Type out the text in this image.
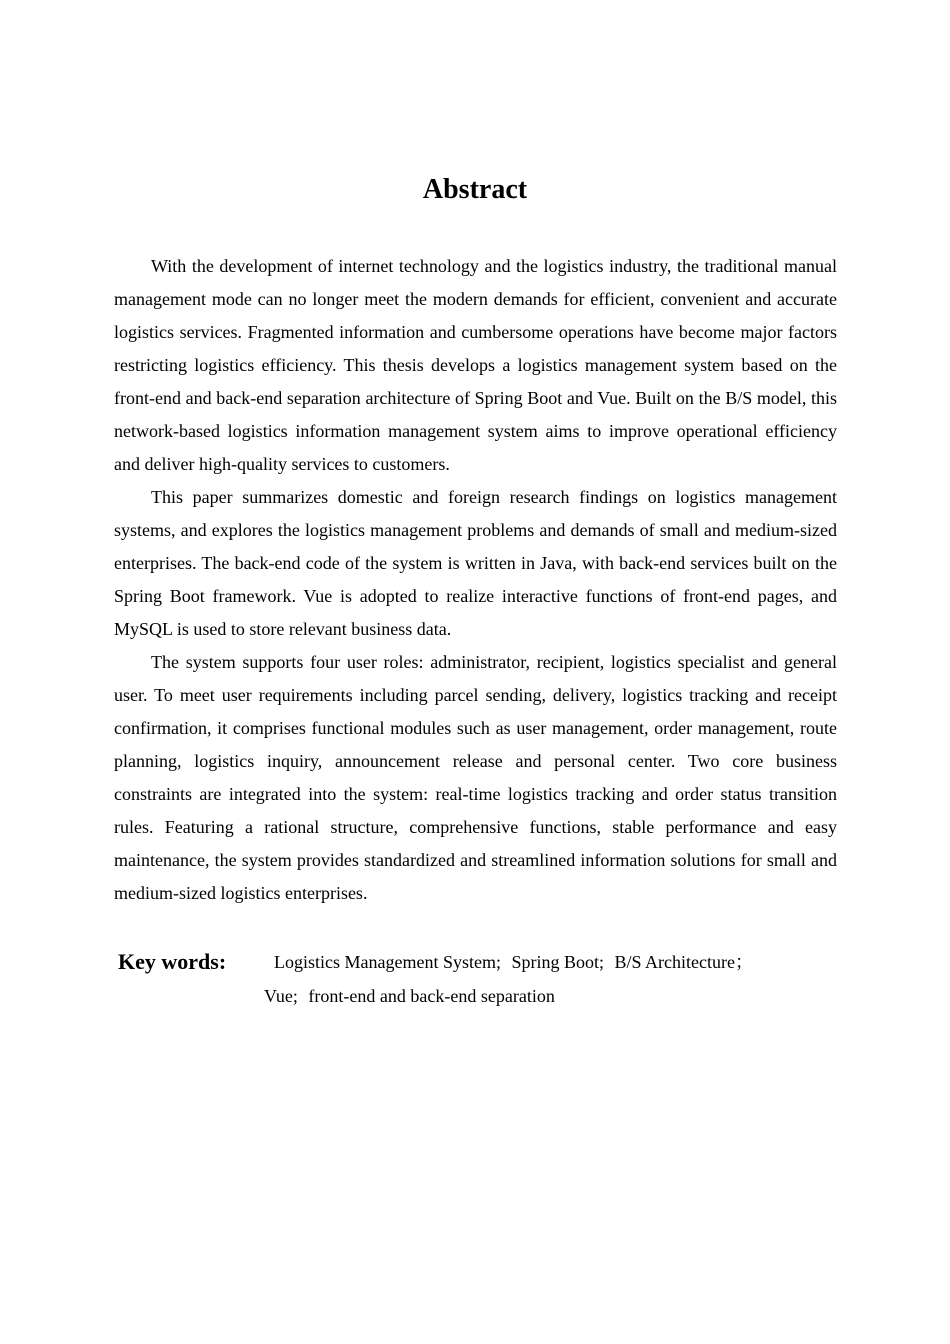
Abstract

With the development of internet technology and the logistics industry, the traditional manual management mode can no longer meet the modern demands for efficient, convenient and accurate logistics services. Fragmented information and cumbersome operations have become major factors restricting logistics efficiency. This thesis develops a logistics management system based on the front-end and back-end separation architecture of Spring Boot and Vue. Built on the B/S model, this network-based logistics information management system aims to improve operational efficiency and deliver high-quality services to customers.

This paper summarizes domestic and foreign research findings on logistics management systems, and explores the logistics management problems and demands of small and medium-sized enterprises. The back-end code of the system is written in Java, with back-end services built on the Spring Boot framework. Vue is adopted to realize interactive functions of front-end pages, and MySQL is used to store relevant business data.

The system supports four user roles: administrator, recipient, logistics specialist and general user. To meet user requirements including parcel sending, delivery, logistics tracking and receipt confirmation, it comprises functional modules such as user management, order management, route planning, logistics inquiry, announcement release and personal center. Two core business constraints are integrated into the system: real-time logistics tracking and order status transition rules. Featuring a rational structure, comprehensive functions, stable performance and easy maintenance, the system provides standardized and streamlined information solutions for small and medium-sized logistics enterprises.

Key words:	Logistics Management System; Spring Boot; B/S Architecture；
Vue; front-end and back-end separation
